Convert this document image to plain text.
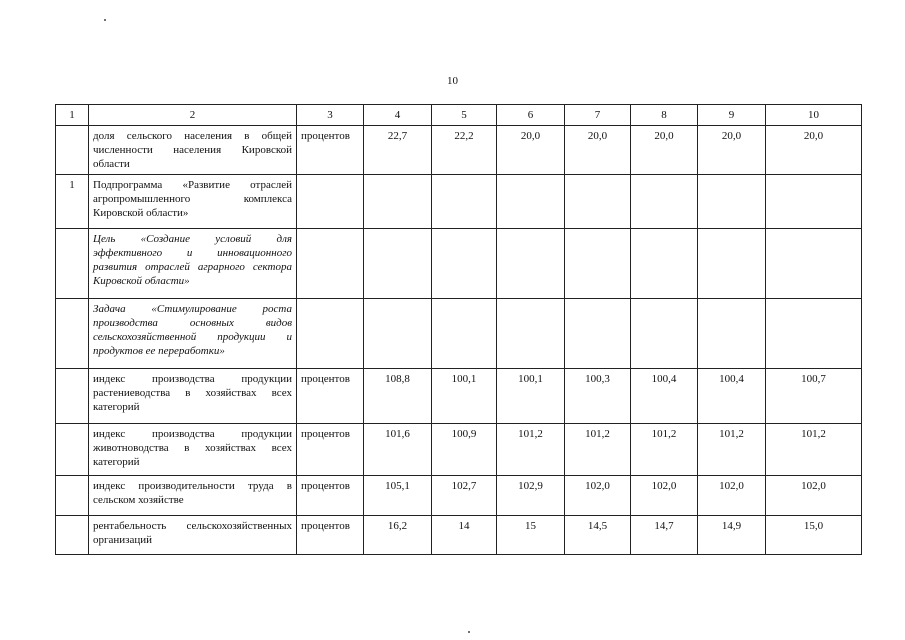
10
1	2	3	4	5	6	7	8	9	10
	доля сельского населения в общей численности населения Кировской области	процентов	22,7	22,2	20,0	20,0	20,0	20,0	20,0
1	Подпрограмма «Развитие отраслей агропромышленного комплекса Кировской области»								
	Цель «Создание условий для эффективного и инновационного развития отраслей аграрного сектора Кировской области»								
	Задача «Стимулирование роста производства основных видов сельскохозяйственной продукции и продуктов ее переработки»								
	индекс производства продукции растениеводства в хозяйствах всех категорий	процентов	108,8	100,1	100,1	100,3	100,4	100,4	100,7
	индекс производства продукции животноводства в хозяйствах всех категорий	процентов	101,6	100,9	101,2	101,2	101,2	101,2	101,2
	индекс производительности труда в сельском хозяйстве	процентов	105,1	102,7	102,9	102,0	102,0	102,0	102,0
	рентабельность сельскохозяйственных организаций	процентов	16,2	14	15	14,5	14,7	14,9	15,0
